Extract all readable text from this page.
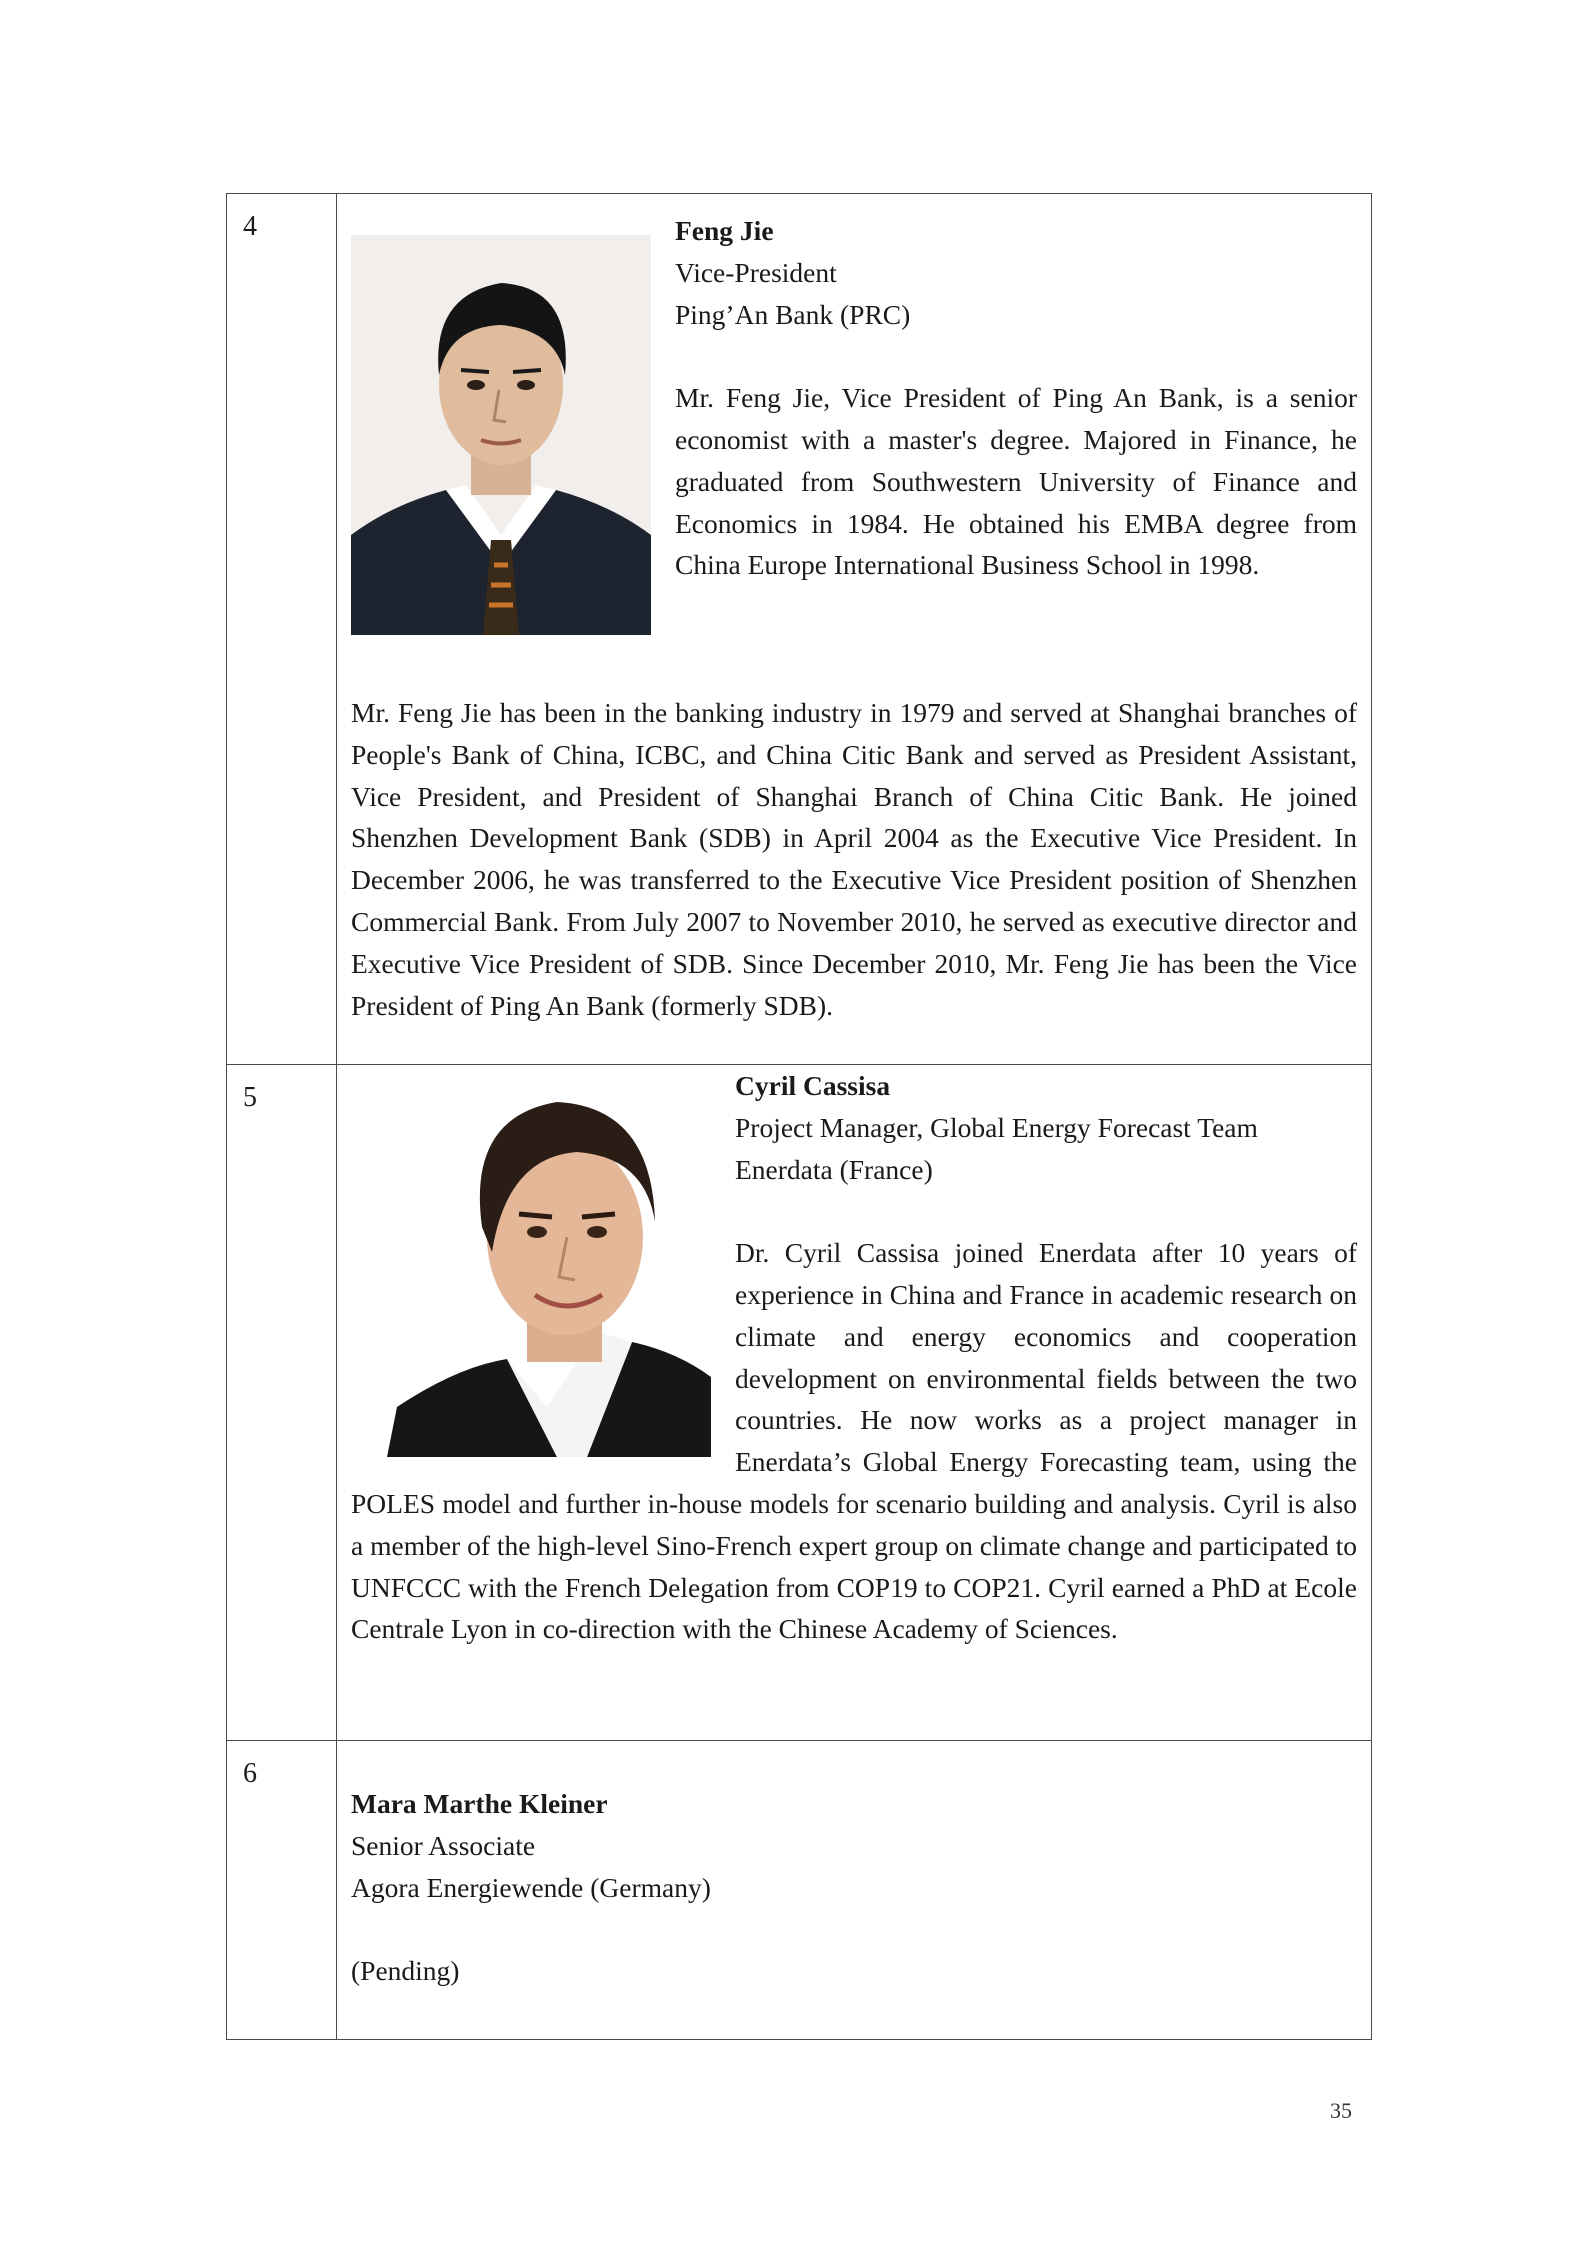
4	Feng Jie
Vice-President
Ping’An Bank (PRC)

Mr. Feng Jie, Vice President of Ping An Bank, is a senior economist with a master's degree. Majored in Finance, he graduated from Southwestern University of Finance and Economics in 1984. He obtained his EMBA degree from China Europe International Business School in 1998.

Mr. Feng Jie has been in the banking industry in 1979 and served at Shanghai branches of People's Bank of China, ICBC, and China Citic Bank and served as President Assistant, Vice President, and President of Shanghai Branch of China Citic Bank. He joined Shenzhen Development Bank (SDB) in April 2004 as the Executive Vice President. In December 2006, he was transferred to the Executive Vice President position of Shenzhen Commercial Bank. From July 2007 to November 2010, he served as executive director and Executive Vice President of SDB. Since December 2010, Mr. Feng Jie has been the Vice President of Ping An Bank (formerly SDB).

5	Cyril Cassisa
Project Manager, Global Energy Forecast Team
Enerdata (France)

Dr. Cyril Cassisa joined Enerdata after 10 years of experience in China and France in academic research on climate and energy economics and cooperation development on environmental fields between the two countries. He now works as a project manager in Enerdata’s Global Energy Forecasting team, using the POLES model and further in-house models for scenario building and analysis. Cyril is also a member of the high-level Sino-French expert group on climate change and participated to UNFCCC with the French Delegation from COP19 to COP21. Cyril earned a PhD at Ecole Centrale Lyon in co-direction with the Chinese Academy of Sciences.

6	Mara Marthe Kleiner
Senior Associate
Agora Energiewende (Germany)
(Pending)
35
